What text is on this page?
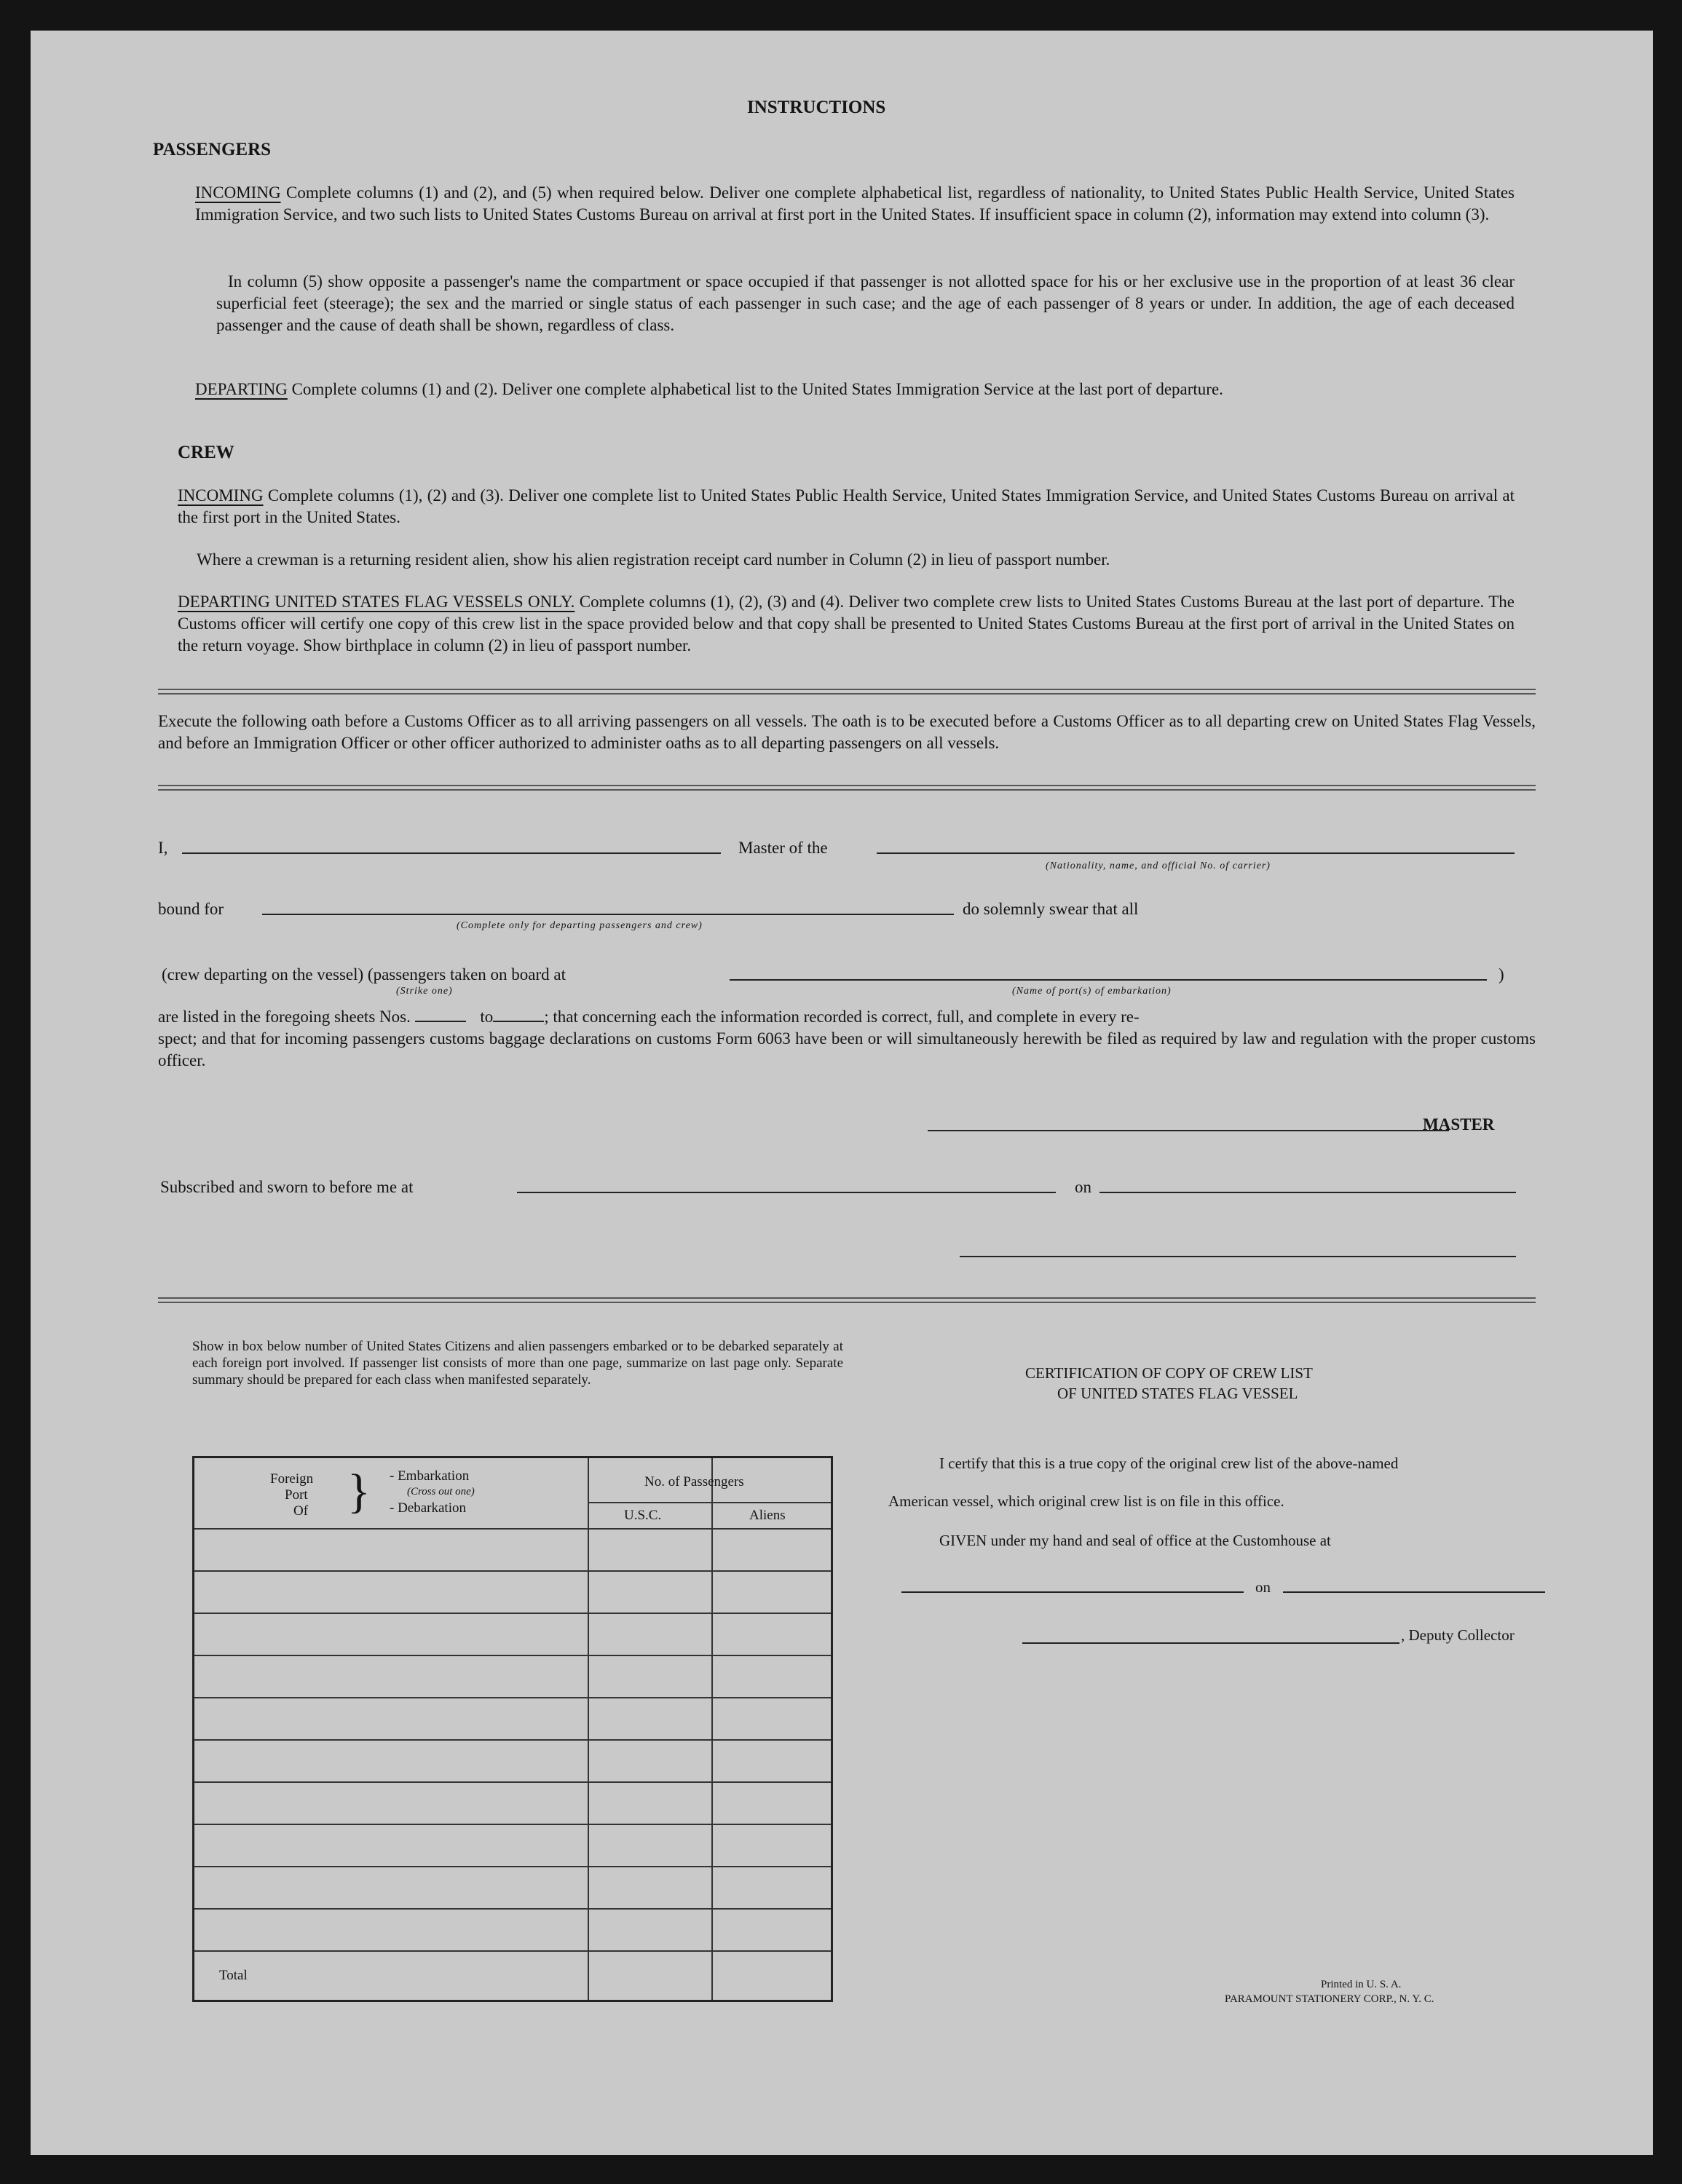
INSTRUCTIONS
PASSENGERS
INCOMING Complete columns (1) and (2), and (5) when required below. Deliver one complete alphabetical list, regardless of nationality, to United States Public Health Service, United States Immigration Service, and two such lists to United States Customs Bureau on arrival at first port in the United States. If insufficient space in column (2), information may extend into column (3).
In column (5) show opposite a passenger's name the compartment or space occupied if that passenger is not allotted space for his or her exclusive use in the proportion of at least 36 clear superficial feet (steerage); the sex and the married or single status of each passenger in such case; and the age of each passenger of 8 years or under. In addition, the age of each deceased passenger and the cause of death shall be shown, regardless of class.
DEPARTING Complete columns (1) and (2). Deliver one complete alphabetical list to the United States Immigration Service at the last port of departure.
CREW
INCOMING Complete columns (1), (2) and (3). Deliver one complete list to United States Public Health Service, United States Immigration Service, and United States Customs Bureau on arrival at the first port in the United States.
Where a crewman is a returning resident alien, show his alien registration receipt card number in Column (2) in lieu of passport number.
DEPARTING UNITED STATES FLAG VESSELS ONLY. Complete columns (1), (2), (3) and (4). Deliver two complete crew lists to United States Customs Bureau at the last port of departure. The Customs officer will certify one copy of this crew list in the space provided below and that copy shall be presented to United States Customs Bureau at the first port of arrival in the United States on the return voyage. Show birthplace in column (2) in lieu of passport number.
Execute the following oath before a Customs Officer as to all arriving passengers on all vessels. The oath is to be executed before a Customs Officer as to all departing crew on United States Flag Vessels, and before an Immigration Officer or other officer authorized to administer oaths as to all departing passengers on all vessels.
I,	Master of the
(Nationality, name, and official No. of carrier)
bound for
(Complete only for departing passengers and crew)
do solemnly swear that all
(crew departing on the vessel) (passengers taken on board at	)
(Strike one)	(Name of port(s) of embarkation)
are listed in the foregoing sheets Nos.	to	; that concerning each the information recorded is correct, full, and complete in every re-
spect; and that for incoming passengers customs baggage declarations on customs Form 6063 have been or will simultaneously herewith be filed as required by law and regulation with the proper customs officer.
MASTER
Subscribed and sworn to before me at	on
Show in box below number of United States Citizens and alien passengers embarked or to be debarked separately at each foreign port involved. If passenger list consists of more than one page, summarize on last page only. Separate summary should be prepared for each class when manifested separately.
Foreign
Port
Of } - Embarkation
(Cross out one)
- Debarkation
No. of Passengers
U.S.C.	Aliens
Total
CERTIFICATION OF COPY OF CREW LIST
OF UNITED STATES FLAG VESSEL
I certify that this is a true copy of the original crew list of the above-named
American vessel, which original crew list is on file in this office.
GIVEN under my hand and seal of office at the Customhouse at
on
, Deputy Collector
Printed in U. S. A.
PARAMOUNT STATIONERY CORP., N. Y. C.
